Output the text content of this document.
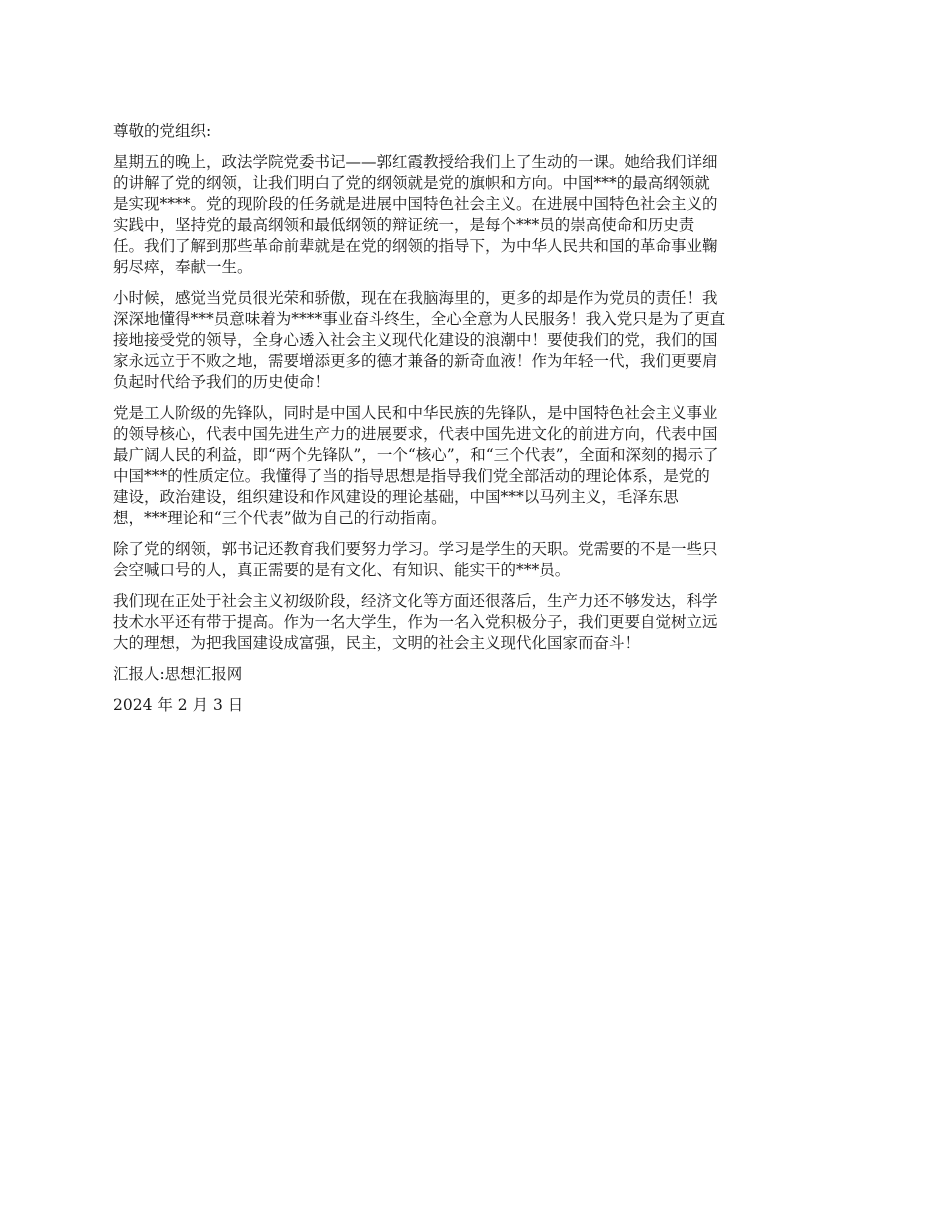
尊敬的党组织:

星期五的晚上，政法学院党委书记——郭红霞教授给我们上了生动的一课。她给我们详细
的讲解了党的纲领，让我们明白了党的纲领就是党的旗帜和方向。中国***的最高纲领就
是实现****。党的现阶段的任务就是进展中国特色社会主义。在进展中国特色社会主义的
实践中，坚持党的最高纲领和最低纲领的辩证统一，是每个***员的崇高使命和历史责
任。我们了解到那些革命前辈就是在党的纲领的指导下，为中华人民共和国的革命事业鞠
躬尽瘁，奉献一生。

小时候，感觉当党员很光荣和骄傲，现在在我脑海里的，更多的却是作为党员的责任！我
深深地懂得***员意味着为****事业奋斗终生，全心全意为人民服务！我入党只是为了更直
接地接受党的领导，全身心透入社会主义现代化建设的浪潮中！要使我们的党，我们的国
家永远立于不败之地，需要增添更多的德才兼备的新奇血液！作为年轻一代，我们更要肩
负起时代给予我们的历史使命！

党是工人阶级的先锋队，同时是中国人民和中华民族的先锋队，是中国特色社会主义事业
的领导核心，代表中国先进生产力的进展要求，代表中国先进文化的前进方向，代表中国
最广阔人民的利益，即“两个先锋队”，一个“核心”，和“三个代表”，全面和深刻的揭示了
中国***的性质定位。我懂得了当的指导思想是指导我们党全部活动的理论体系，是党的
建设，政治建设，组织建设和作风建设的理论基础，中国***以马列主义，毛泽东思
想，***理论和“三个代表”做为自己的行动指南。

除了党的纲领，郭书记还教育我们要努力学习。学习是学生的天职。党需要的不是一些只
会空喊口号的人，真正需要的是有文化、有知识、能实干的***员。

我们现在正处于社会主义初级阶段，经济文化等方面还很落后，生产力还不够发达，科学
技术水平还有带于提高。作为一名大学生，作为一名入党积极分子，我们更要自觉树立远
大的理想，为把我国建设成富强，民主，文明的社会主义现代化国家而奋斗！

汇报人:思想汇报网

2024 年 2 月 3 日
